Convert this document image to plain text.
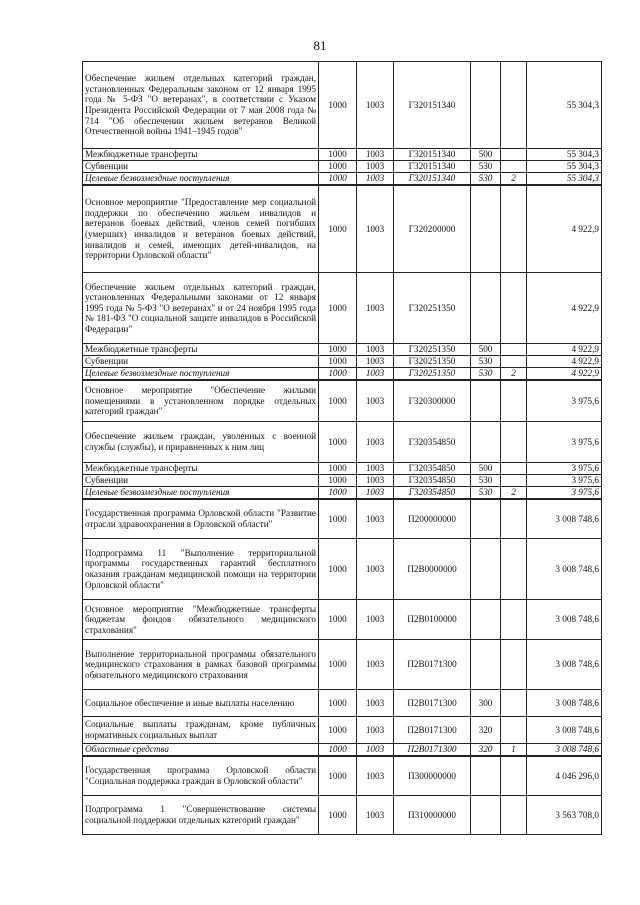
81
Обеспечение жильем отдельных категорий граждан, установленных Федеральным законом от 12 января 1995 года № 5-ФЗ "О ветеранах", в соответствии с Указом Президента Российской Федерации от 7 мая 2008 года № 714 "Об обеспечении жильем ветеранов Великой Отечественной войны 1941–1945 годов"	1000	1003	Г320151340			55 304,3
Межбюджетные трансферты	1000	1003	Г320151340	500		55 304,3
Субвенции	1000	1003	Г320151340	530		55 304,3
Целевые безвозмездные поступления	1000	1003	Г320151340	530	2	55 304,3
Основное мероприятие "Предоставление мер социальной поддержки по обеспечению жильем инвалидов и ветеранов боевых действий, членов семей погибших (умерших) инвалидов и ветеранов боевых действий, инвалидов и семей, имеющих детей-инвалидов, на территории Орловской области"	1000	1003	Г320200000			4 922,9
Обеспечение жильем отдельных категорий граждан, установленных Федеральными законами от 12 января 1995 года № 5-ФЗ "О ветеранах" и от 24 ноября 1995 года № 181-ФЗ "О социальной защите инвалидов в Российской Федерации"	1000	1003	Г320251350			4 922,9
Межбюджетные трансферты	1000	1003	Г320251350	500		4 922,9
Субвенции	1000	1003	Г320251350	530		4 922,9
Целевые безвозмездные поступления	1000	1003	Г320251350	530	2	4 922,9
Основное мероприятие "Обеспечение жилыми помещениями в установленном порядке отдельных категорий граждан"	1000	1003	Г320300000			3 975,6
Обеспечение жильем граждан, уволенных с военной службы (службы), и приравненных к ним лиц	1000	1003	Г320354850			3 975,6
Межбюджетные трансферты	1000	1003	Г320354850	500		3 975,6
Субвенции	1000	1003	Г320354850	530		3 975,6
Целевые безвозмездные поступления	1000	1003	Г320354850	530	2	3 975,6
Государственная программа Орловской области "Развитие отрасли здравоохранения в Орловской области"	1000	1003	П200000000			3 008 748,6
Подпрограмма 11 "Выполнение территориальной программы государственных гарантий бесплатного оказания гражданам медицинской помощи на территории Орловской области"	1000	1003	П2В0000000			3 008 748,6
Основное мероприятие "Межбюджетные трансферты бюджетам фондов обязательного медицинского страхования"	1000	1003	П2В0100000			3 008 748,6
Выполнение территориальной программы обязательного медицинского страхования в рамках базовой программы обязательного медицинского страхования	1000	1003	П2В0171300			3 008 748,6
Социальное обеспечение и иные выплаты населению	1000	1003	П2В0171300	300		3 008 748,6
Социальные выплаты гражданам, кроме публичных нормативных социальных выплат	1000	1003	П2В0171300	320		3 008 748,6
Областные средства	1000	1003	П2В0171300	320	1	3 008 748,6
Государственная программа Орловской области "Социальная поддержка граждан в Орловской области"	1000	1003	П300000000			4 046 296,0
Подпрограмма 1 "Совершенствование системы социальной поддержки отдельных категорий граждан"	1000	1003	П310000000			3 563 708,0
